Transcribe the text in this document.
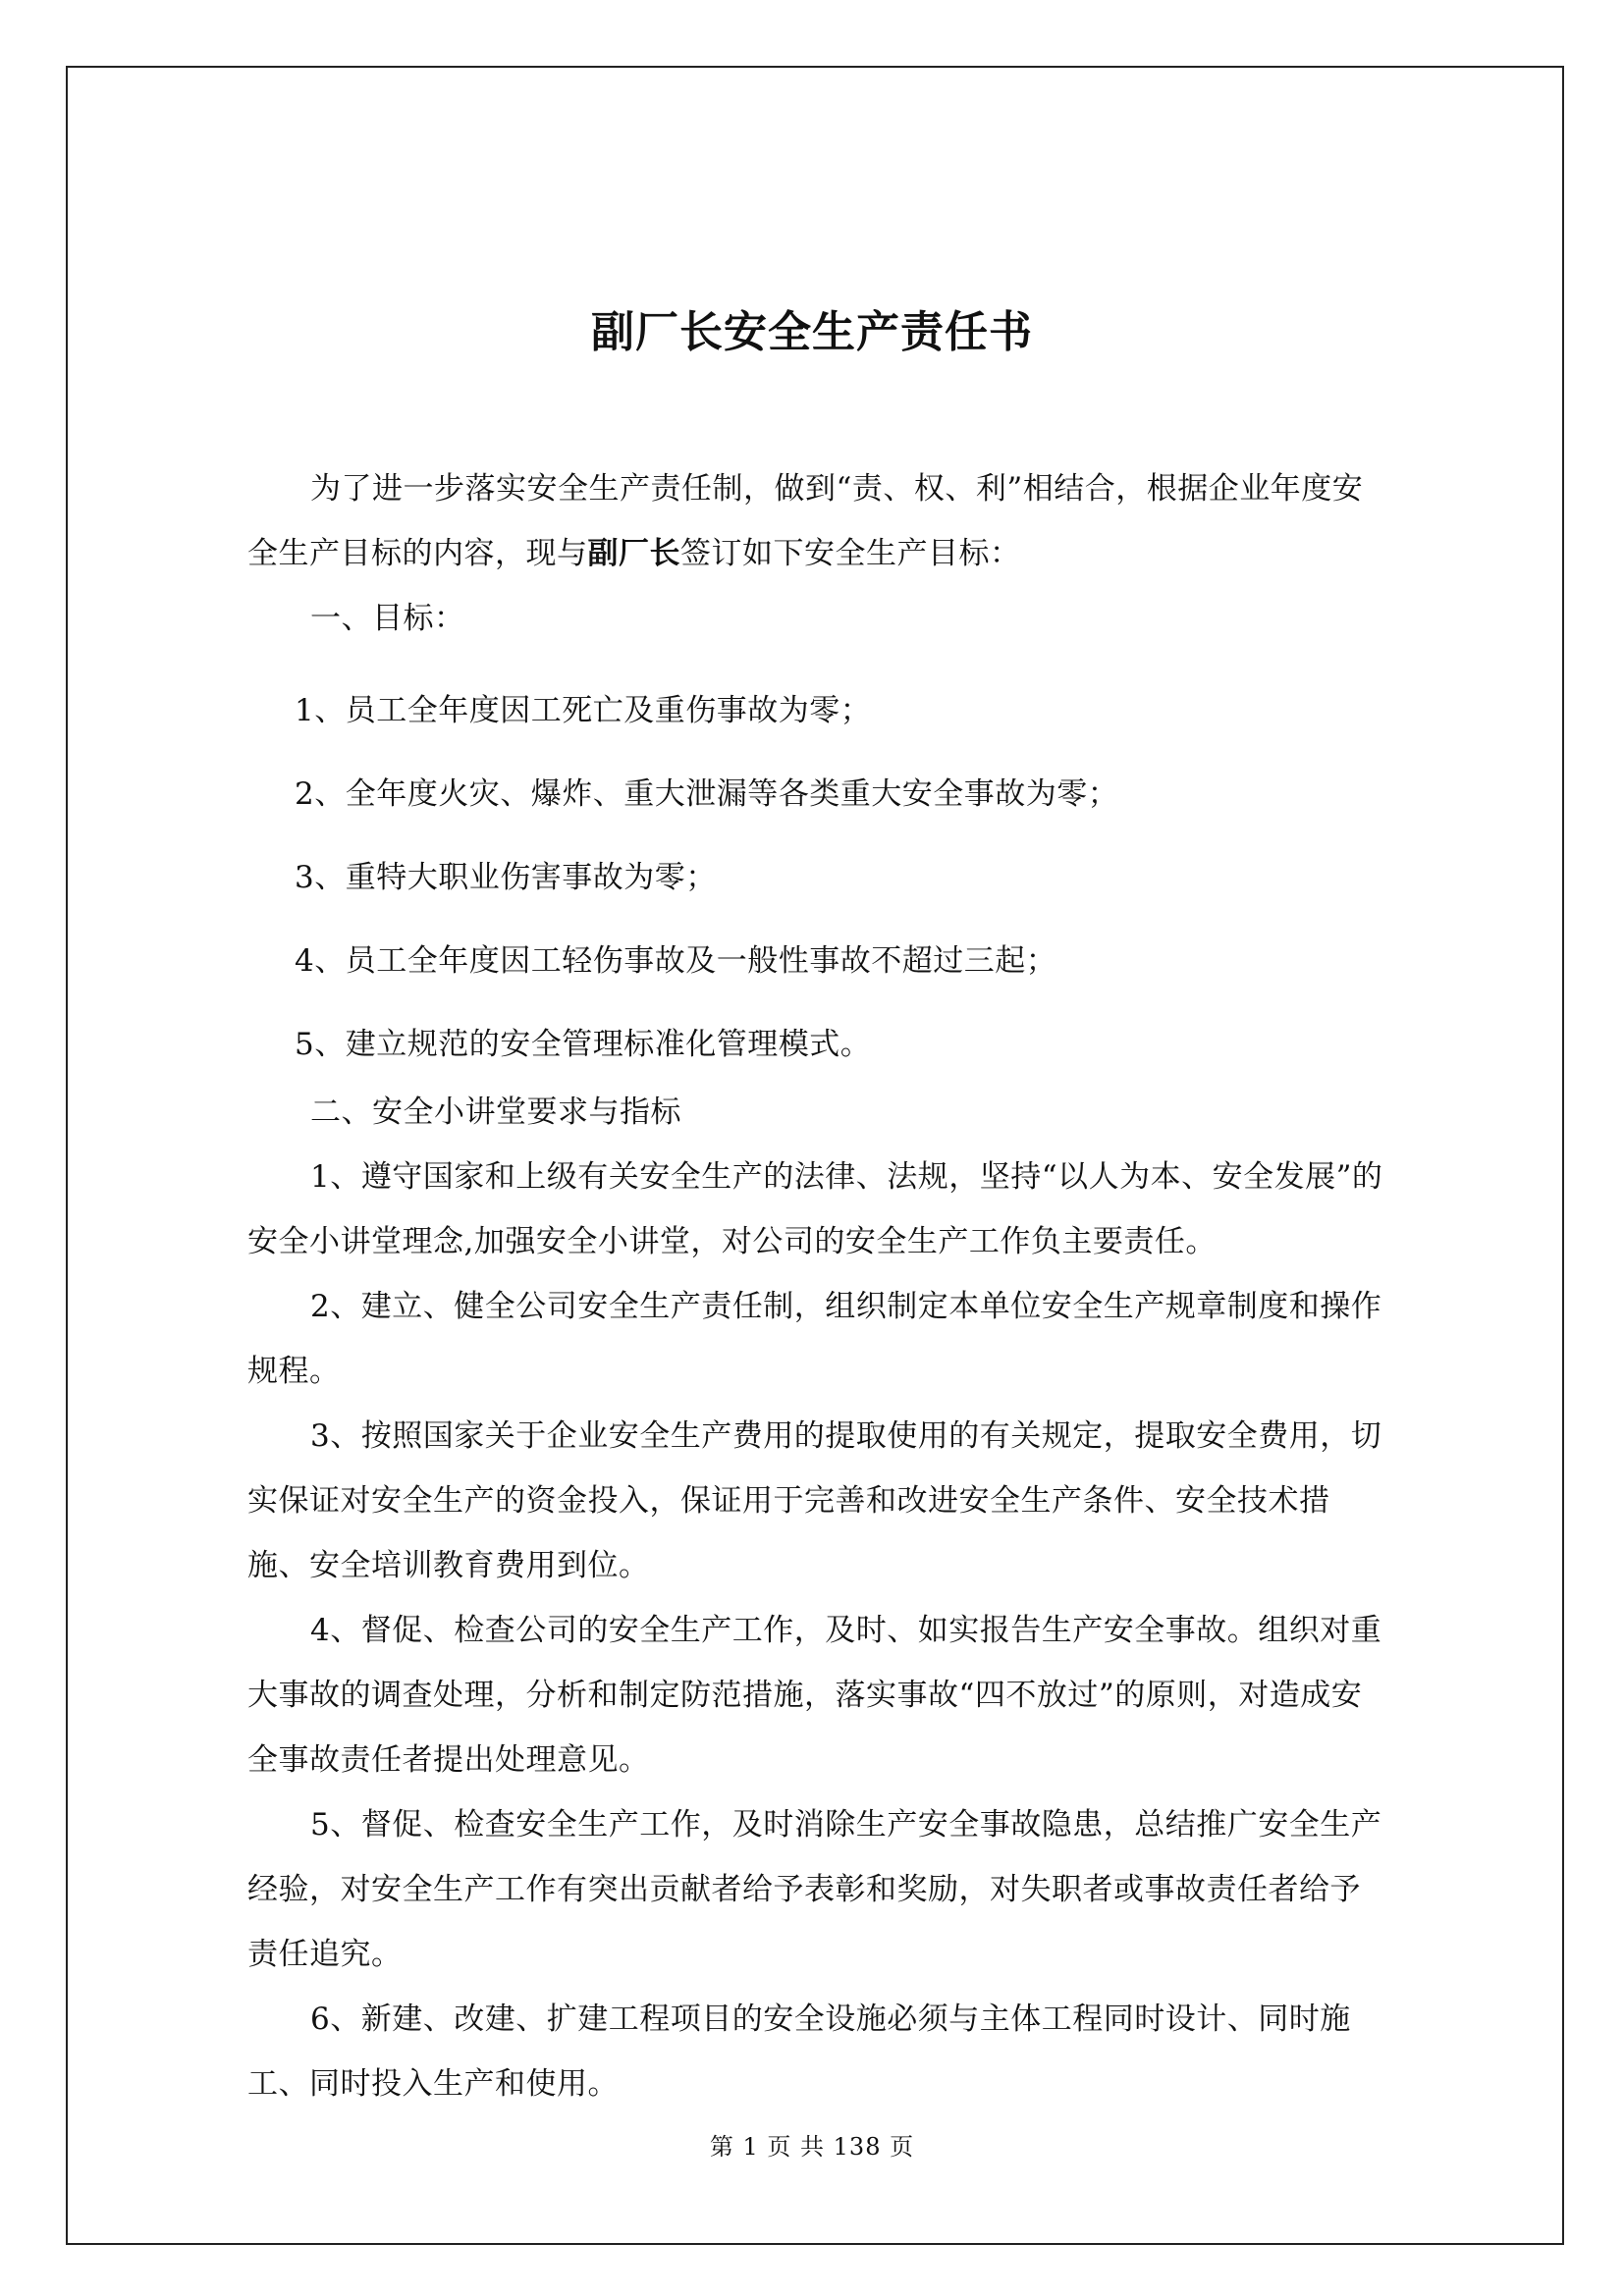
副厂长安全生产责任书

为了进一步落实安全生产责任制，做到“责、权、利”相结合，根据企业年度安全生产目标的内容，现与副厂长签订如下安全生产目标：

一、目标：

1、员工全年度因工死亡及重伤事故为零；
2、全年度火灾、爆炸、重大泄漏等各类重大安全事故为零；
3、重特大职业伤害事故为零；
4、员工全年度因工轻伤事故及一般性事故不超过三起；
5、建立规范的安全管理标准化管理模式。

二、安全小讲堂要求与指标

1、遵守国家和上级有关安全生产的法律、法规，坚持“以人为本、安全发展”的安全小讲堂理念,加强安全小讲堂，对公司的安全生产工作负主要责任。

2、建立、健全公司安全生产责任制，组织制定本单位安全生产规章制度和操作规程。

3、按照国家关于企业安全生产费用的提取使用的有关规定，提取安全费用，切实保证对安全生产的资金投入，保证用于完善和改进安全生产条件、安全技术措施、安全培训教育费用到位。

4、督促、检查公司的安全生产工作，及时、如实报告生产安全事故。组织对重大事故的调查处理，分析和制定防范措施，落实事故“四不放过”的原则，对造成安全事故责任者提出处理意见。

5、督促、检查安全生产工作，及时消除生产安全事故隐患，总结推广安全生产经验，对安全生产工作有突出贡献者给予表彰和奖励，对失职者或事故责任者给予责任追究。

6、新建、改建、扩建工程项目的安全设施必须与主体工程同时设计、同时施工、同时投入生产和使用。

第 1 页 共 138 页
